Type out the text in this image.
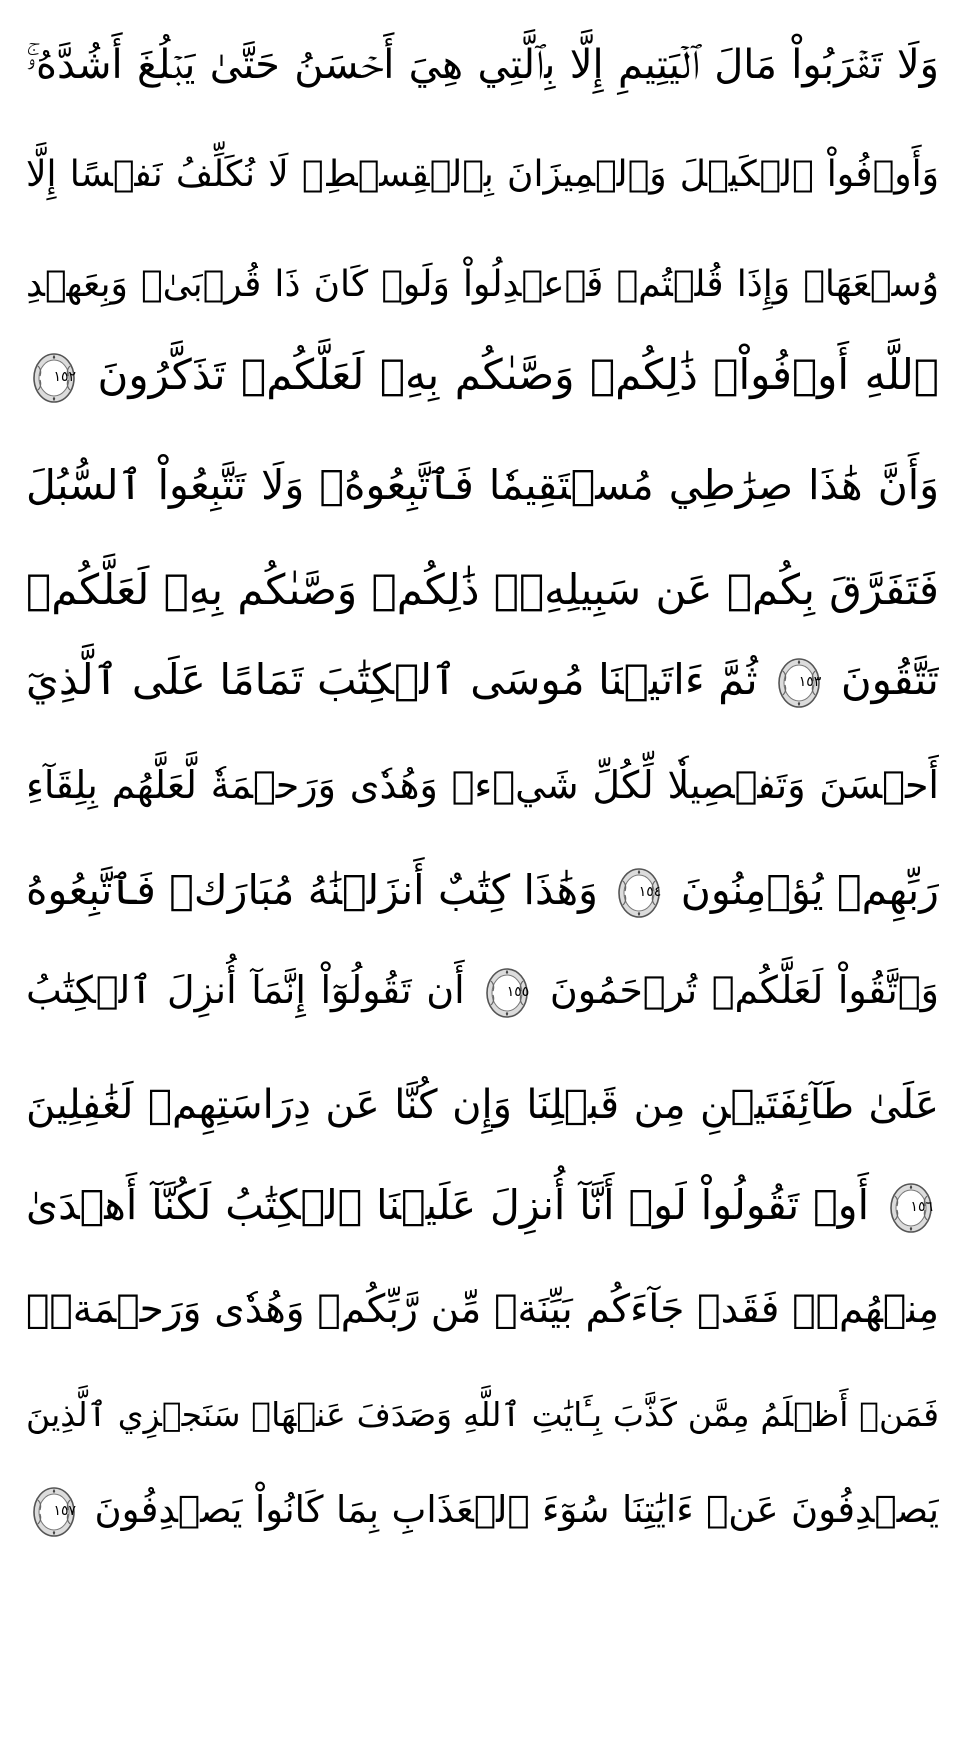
وَلَا تَقۡرَبُواْ مَالَ ٱلۡيَتِيمِ إِلَّا بِٱلَّتِي هِيَ أَحۡسَنُ حَتَّىٰ يَبۡلُغَ أَشُدَّهُۥۚ
وَأَوۡفُواْ ٱلۡكَيۡلَ وَٱلۡمِيزَانَ بِٱلۡقِسۡطِۖ لَا نُكَلِّفُ نَفۡسًا إِلَّا
وُسۡعَهَاۖ وَإِذَا قُلۡتُمۡ فَٱعۡدِلُواْ وَلَوۡ كَانَ ذَا قُرۡبَىٰۖ وَبِعَهۡدِ
ٱللَّهِ أَوۡفُواْۚ ذَٰلِكُمۡ وَصَّىٰكُم بِهِۦ لَعَلَّكُمۡ تَذَكَّرُونَ
١٥٢
وَأَنَّ هَٰذَا صِرَٰطِي مُسۡتَقِيمٗا فَٱتَّبِعُوهُۖ وَلَا تَتَّبِعُواْ ٱلسُّبُلَ
فَتَفَرَّقَ بِكُمۡ عَن سَبِيلِهِۦۚ ذَٰلِكُمۡ وَصَّىٰكُم بِهِۦ لَعَلَّكُمۡ
تَتَّقُونَ
١٥٣
ثُمَّ ءَاتَيۡنَا مُوسَى ٱلۡكِتَٰبَ تَمَامًا عَلَى ٱلَّذِيٓ
أَحۡسَنَ وَتَفۡصِيلٗا لِّكُلِّ شَيۡءٖ وَهُدٗى وَرَحۡمَةٗ لَّعَلَّهُم بِلِقَآءِ
رَبِّهِمۡ يُؤۡمِنُونَ
١٥٤
وَهَٰذَا كِتَٰبٌ أَنزَلۡنَٰهُ مُبَارَكٞ فَٱتَّبِعُوهُ
وَٱتَّقُواْ لَعَلَّكُمۡ تُرۡحَمُونَ
١٥٥
أَن تَقُولُوٓاْ إِنَّمَآ أُنزِلَ ٱلۡكِتَٰبُ
عَلَىٰ طَآئِفَتَيۡنِ مِن قَبۡلِنَا وَإِن كُنَّا عَن دِرَاسَتِهِمۡ لَغَٰفِلِينَ
١٥٦
أَوۡ تَقُولُواْ لَوۡ أَنَّآ أُنزِلَ عَلَيۡنَا ٱلۡكِتَٰبُ لَكُنَّآ أَهۡدَىٰ
مِنۡهُمۡۚ فَقَدۡ جَآءَكُم بَيِّنَةٞ مِّن رَّبِّكُمۡ وَهُدٗى وَرَحۡمَةٞۚ
فَمَنۡ أَظۡلَمُ مِمَّن كَذَّبَ بِـَٔايَٰتِ ٱللَّهِ وَصَدَفَ عَنۡهَاۗ سَنَجۡزِي ٱلَّذِينَ
يَصۡدِفُونَ عَنۡ ءَايَٰتِنَا سُوٓءَ ٱلۡعَذَابِ بِمَا كَانُواْ يَصۡدِفُونَ
١٥٧
